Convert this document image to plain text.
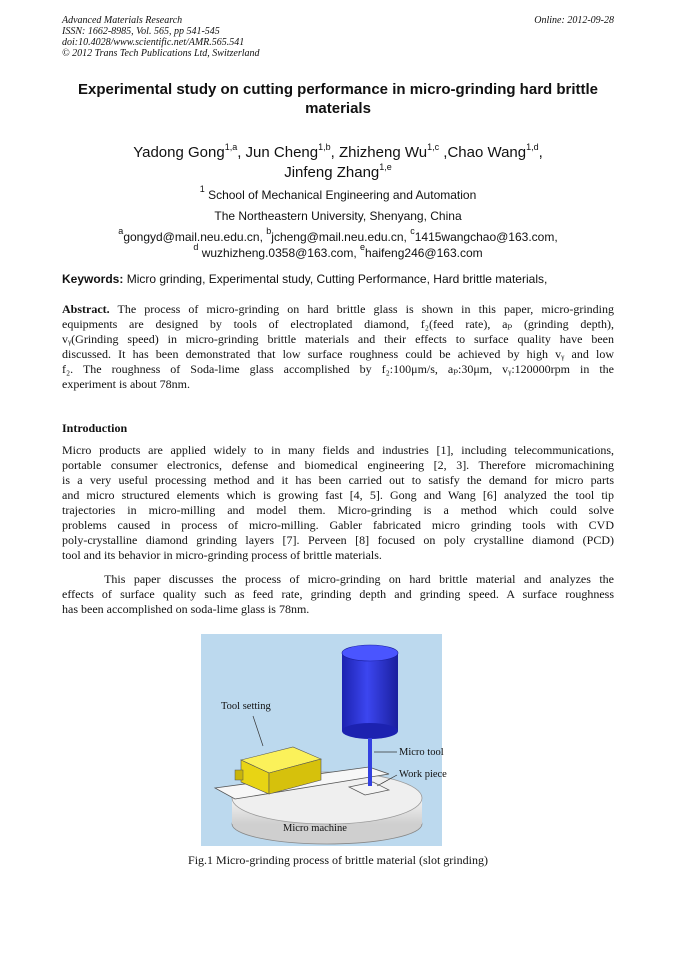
Advanced Materials Research
ISSN: 1662-8985, Vol. 565, pp 541-545
doi:10.4028/www.scientific.net/AMR.565.541
© 2012 Trans Tech Publications Ltd, Switzerland
Online: 2012-09-28
Experimental study on cutting performance in micro-grinding hard brittle materials
Yadong Gong$^{1,a}$, Jun Cheng$^{1,b}$, Zhizheng Wu$^{1,c}$ ,Chao Wang$^{1,d}$,
Jinfeng Zhang$^{1,e}$
$^1$ School of Mechanical Engineering and Automation
The Northeastern University, Shenyang, China
$^a$gongyd@mail.neu.edu.cn, $^b$jcheng@mail.neu.edu.cn, $^c$1415wangchao@163.com,
$^d$ wuzhizheng.0358@163.com, $^e$haifeng246@163.com
Keywords: Micro grinding, Experimental study, Cutting Performance, Hard brittle materials,
Abstract. The process of micro-grinding on hard brittle glass is shown in this paper, micro-grinding
equipments are designed by tools of electroplated diamond, f₂(feed rate), aₚ (grinding depth),
vᵧ(Grinding speed) in micro-grinding brittle materials and their effects to surface quality have been
discussed. It has been demonstrated that low surface roughness could be achieved by high vᵧ and low
f₂. The roughness of Soda-lime glass accomplished by f₂:100μm/s, aₚ:30μm, vᵧ:120000rpm in the
experiment is about 78nm.
Introduction
Micro products are applied widely to in many fields and industries [1], including telecommunications,
portable consumer electronics, defense and biomedical engineering [2, 3]. Therefore micromachining
is a very useful processing method and it has been carried out to satisfy the demand for micro parts
and micro structured elements which is growing fast [4, 5]. Gong and Wang [6] analyzed the tool tip
trajectories in micro-milling and model them. Micro-grinding is a method which could solve
problems caused in process of micro-milling. Gabler fabricated micro grinding tools with CVD
poly-crystalline diamond grinding layers [7]. Perveen [8] focused on poly crystalline diamond (PCD)
tool and its behavior in micro-grinding process of brittle materials.
This paper discusses the process of micro-grinding on hard brittle material and analyzes the
effects of surface quality such as feed rate, grinding depth and grinding speed. A surface roughness
has been accomplished on soda-lime glass is 78nm.
Tool setting
Micro tool
Work piece
Micro machine
Fig.1 Micro-grinding process of brittle material (slot grinding)
